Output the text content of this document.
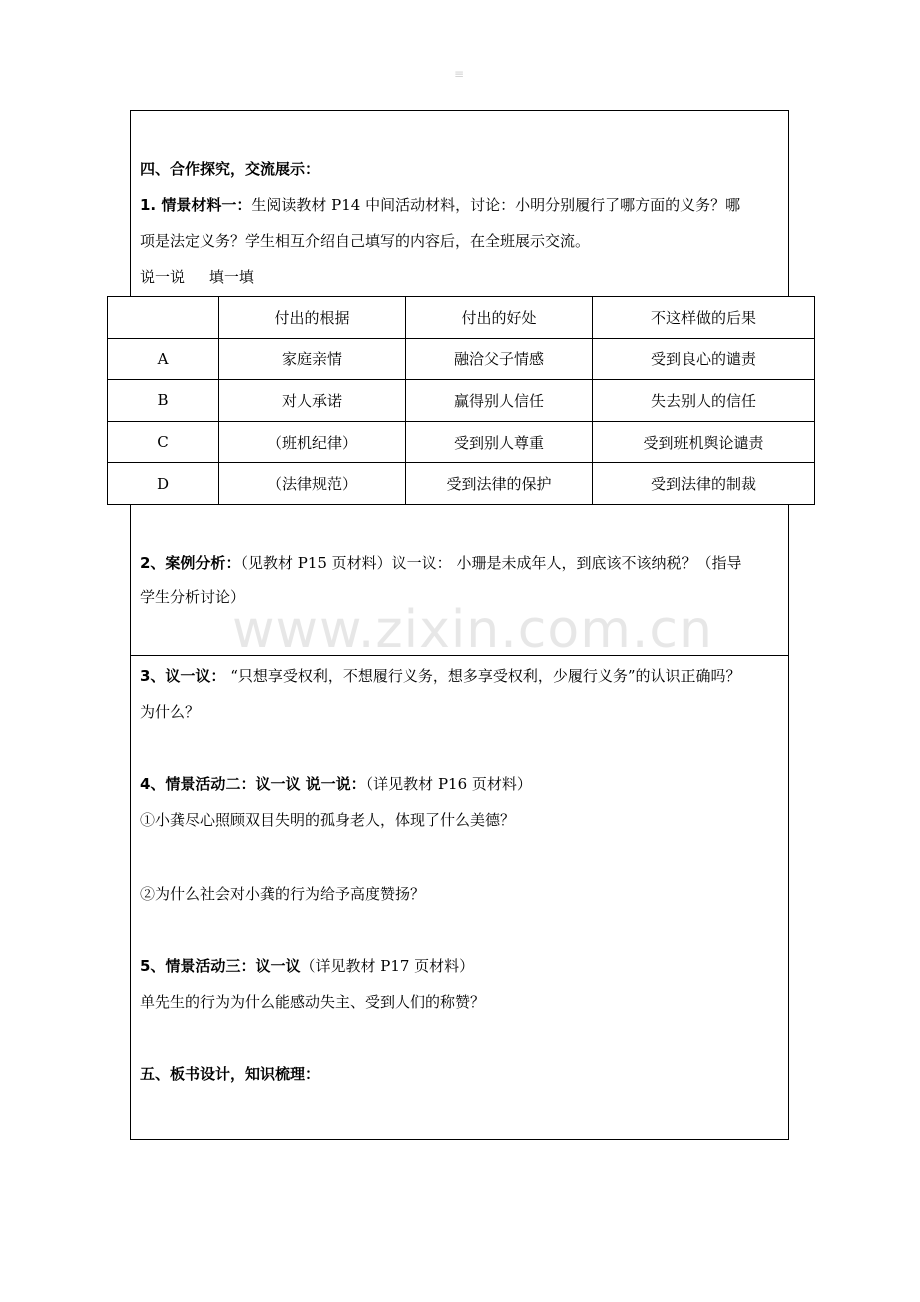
≡
四、合作探究，交流展示：
1. 情景材料一：生阅读教材 P14 中间活动材料，讨论：小明分别履行了哪方面的义务？哪
项是法定义务？学生相互介绍自己填写的内容后，在全班展示交流。
说一说     填一填
	付出的根据	付出的好处	不这样做的后果
A	家庭亲情	融洽父子情感	受到良心的谴责
B	对人承诺	赢得别人信任	失去别人的信任
C	（班机纪律）	受到别人尊重	受到班机舆论谴责
D	（法律规范）	受到法律的保护	受到法律的制裁
2、案例分析：（见教材 P15 页材料）议一议： 小珊是未成年人，到底该不该纳税？（指导
学生分析讨论）
3、议一议： “只想享受权利，不想履行义务，想多享受权利，少履行义务”的认识正确吗？
为什么？
4、情景活动二：议一议 说一说：（详见教材 P16 页材料）
①小龚尽心照顾双目失明的孤身老人，体现了什么美德？
②为什么社会对小龚的行为给予高度赞扬？
5、情景活动三：议一议（详见教材 P17 页材料）
单先生的行为为什么能感动失主、受到人们的称赞？
五、板书设计，知识梳理：
www.zixin.com.cn
